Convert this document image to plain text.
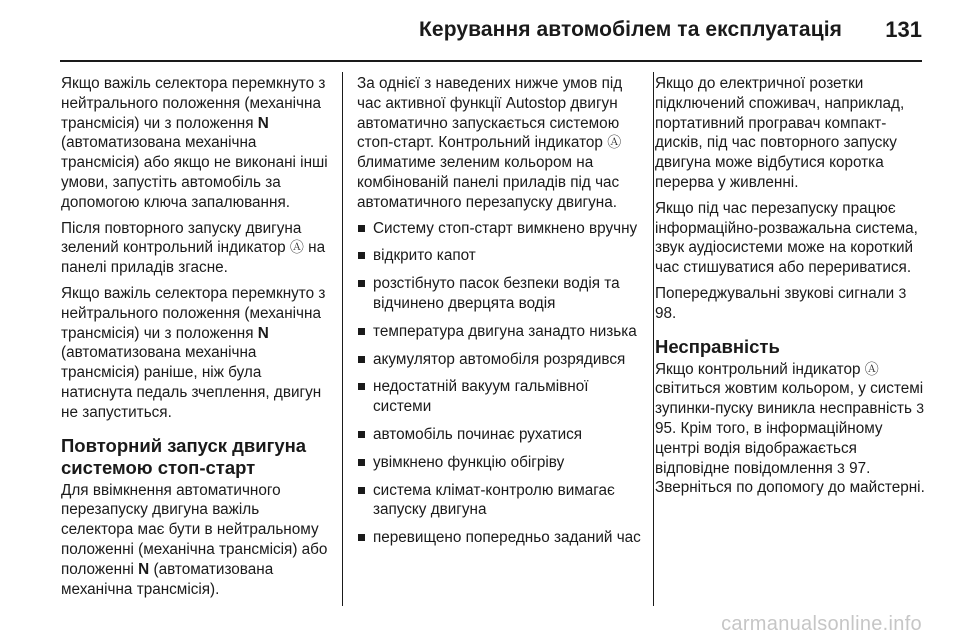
Керування автомобілем та експлуатація 131

Якщо важіль селектора перемкнуто з нейтрального положення (механічна трансмісія) чи з положення N (автоматизована механічна трансмісія) або якщо не виконані інші умови, запустіть автомобіль за допомогою ключа запалювання.

Після повторного запуску двигуна зелений контрольний індикатор Ⓐ на панелі приладів згасне.

Якщо важіль селектора перемкнуто з нейтрального положення (механічна трансмісія) чи з положення N (автоматизована механічна трансмісія) раніше, ніж була натиснута педаль зчеплення, двигун не запуститься.

Повторний запуск двигуна системою стоп-старт

Для ввімкнення автоматичного перезапуску двигуна важіль селектора має бути в нейтральному положенні (механічна трансмісія) або положенні N (автоматизована механічна трансмісія).

За однієї з наведених нижче умов під час активної функції Autostop двигун автоматично запускається системою стоп-старт. Контрольний індикатор Ⓐ блиматиме зеленим кольором на комбінованій панелі приладів під час автоматичного перезапуску двигуна.

Систему стоп-старт вимкнено вручну
відкрито капот
розстібнуто пасок безпеки водія та відчинено дверцята водія
температура двигуна занадто низька
акумулятор автомобіля розрядився
недостатній вакуум гальмівної системи
автомобіль починає рухатися
увімкнено функцію обігріву
система клімат-контролю вимагає запуску двигуна
перевищено попередньо заданий час

Якщо до електричної розетки підключений споживач, наприклад, портативний програвач компакт-дисків, під час повторного запуску двигуна може відбутися коротка перерва у живленні.

Якщо під час перезапуску працює інформаційно-розважальна система, звук аудіосистеми може на короткий час стишуватися або перериватися.

Попереджувальні звукові сигнали 3 98.

Несправність

Якщо контрольний індикатор Ⓐ світиться жовтим кольором, у системі зупинки-пуску виникла несправність 3 95. Крім того, в інформаційному центрі водія відображається відповідне повідомлення 3 97. Зверніться по допомогу до майстерні.

carmanualsonline.info
